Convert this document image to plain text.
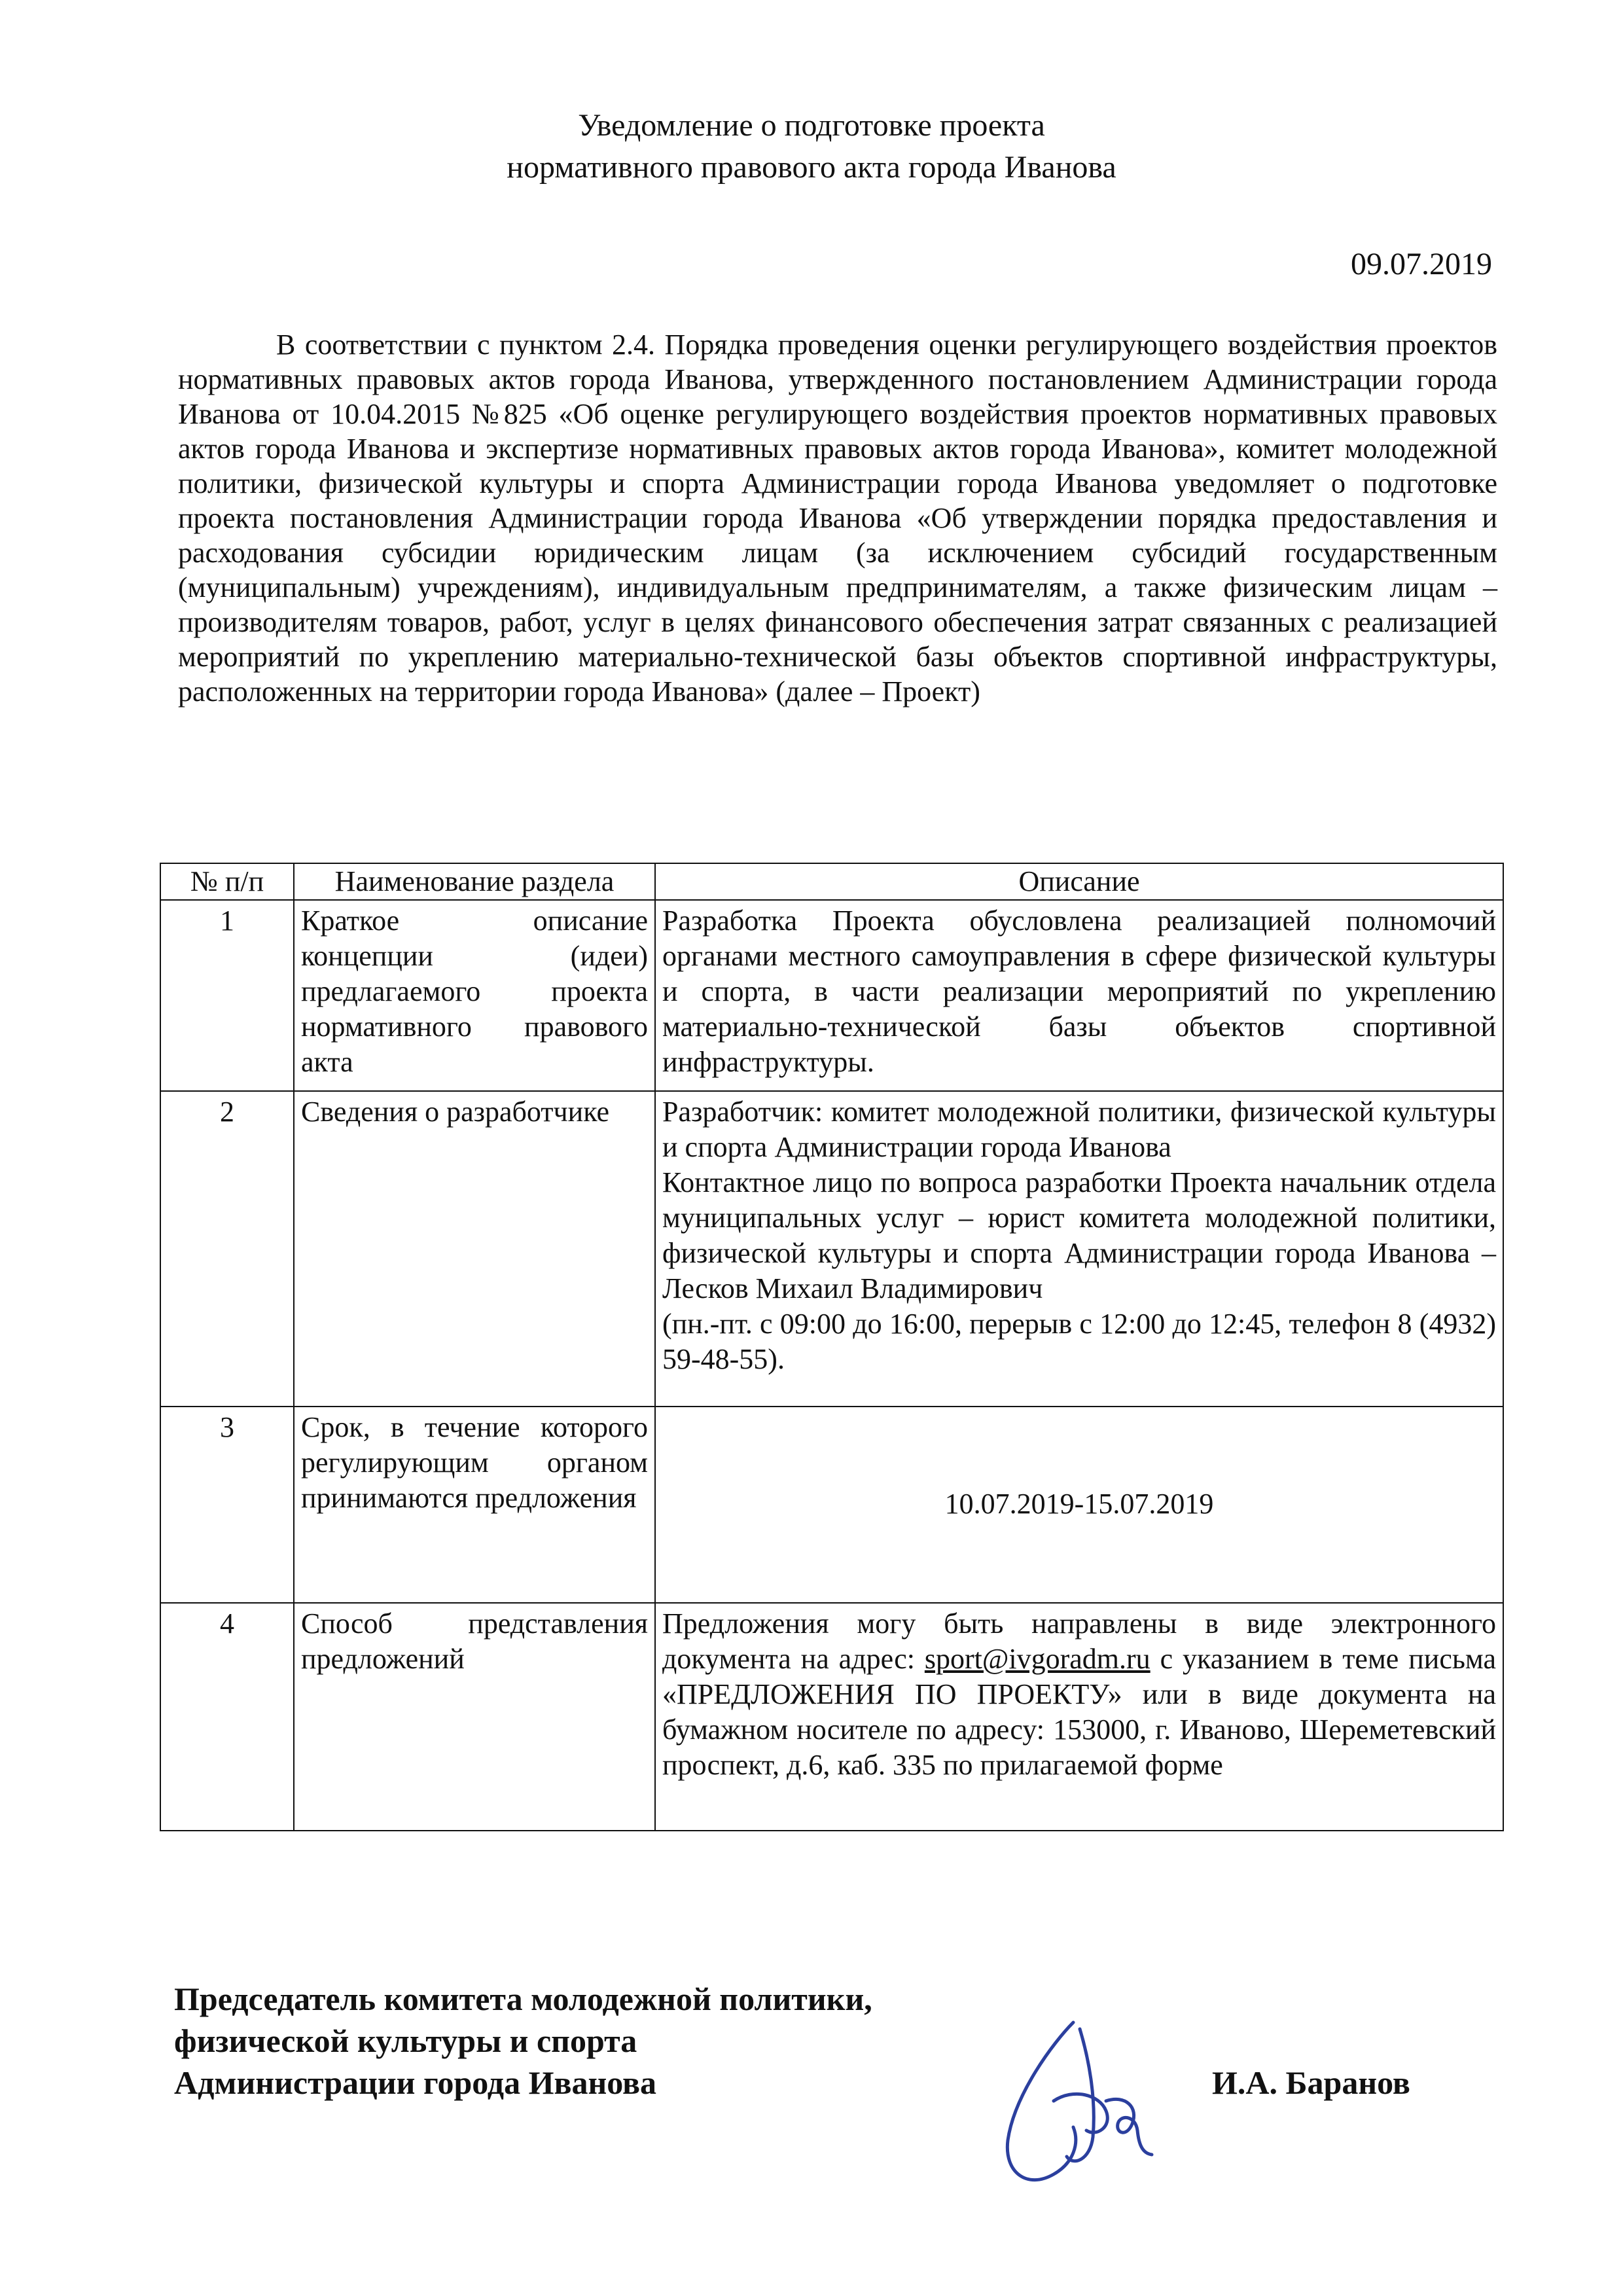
Уведомление о подготовке проекта
нормативного правового акта города Иванова
09.07.2019
В соответствии с пунктом 2.4. Порядка проведения оценки регулирующего воздействия проектов нормативных правовых актов города Иванова, утвержденного постановлением Администрации города Иванова от 10.04.2015 №825 «Об оценке регулирующего воздействия проектов нормативных правовых актов города Иванова и экспертизе нормативных правовых актов города Иванова», комитет молодежной политики, физической культуры и спорта Администрации города Иванова уведомляет о подготовке проекта постановления Администрации города Иванова «Об утверждении порядка предоставления и расходования субсидии юридическим лицам (за исключением субсидий государственным (муниципальным) учреждениям), индивидуальным предпринимателям, а также физическим лицам – производителям товаров, работ, услуг в целях финансового обеспечения затрат связанных с реализацией мероприятий по укреплению материально-технической базы объектов спортивной инфраструктуры, расположенных на территории города Иванова» (далее – Проект)
№ п/п	Наименование раздела	Описание
1	Краткое описание концепции (идеи) предлагаемого проекта нормативного правового акта	Разработка Проекта обусловлена реализацией полномочий органами местного самоуправления в сфере физической культуры и спорта, в части реализации мероприятий по укреплению материально-технической базы объектов спортивной инфраструктуры.
2	Сведения о разработчике	Разработчик: комитет молодежной политики, физической культуры и спорта Администрации города Иванова
Контактное лицо по вопроса разработки Проекта начальник отдела муниципальных услуг – юрист комитета молодежной политики, физической культуры и спорта Администрации города Иванова – Лесков Михаил Владимирович
(пн.-пт. с 09:00 до 16:00, перерыв с 12:00 до 12:45, телефон 8 (4932) 59-48-55).

3	Срок, в течение которого регулирующим органом принимаются предложения	10.07.2019-15.07.2019
4	Способ представления предложений	Предложения могу быть направлены в виде электронного документа на адрес: sport@ivgoradm.ru с указанием в теме письма «ПРЕДЛОЖЕНИЯ ПО ПРОЕКТУ» или в виде документа на бумажном носителе по адресу: 153000, г. Иваново, Шереметевский проспект, д.6, каб. 335 по прилагаемой форме
Председатель комитета молодежной политики,
физической культуры и спорта
Администрации города Иванова	И.А. Баранов
